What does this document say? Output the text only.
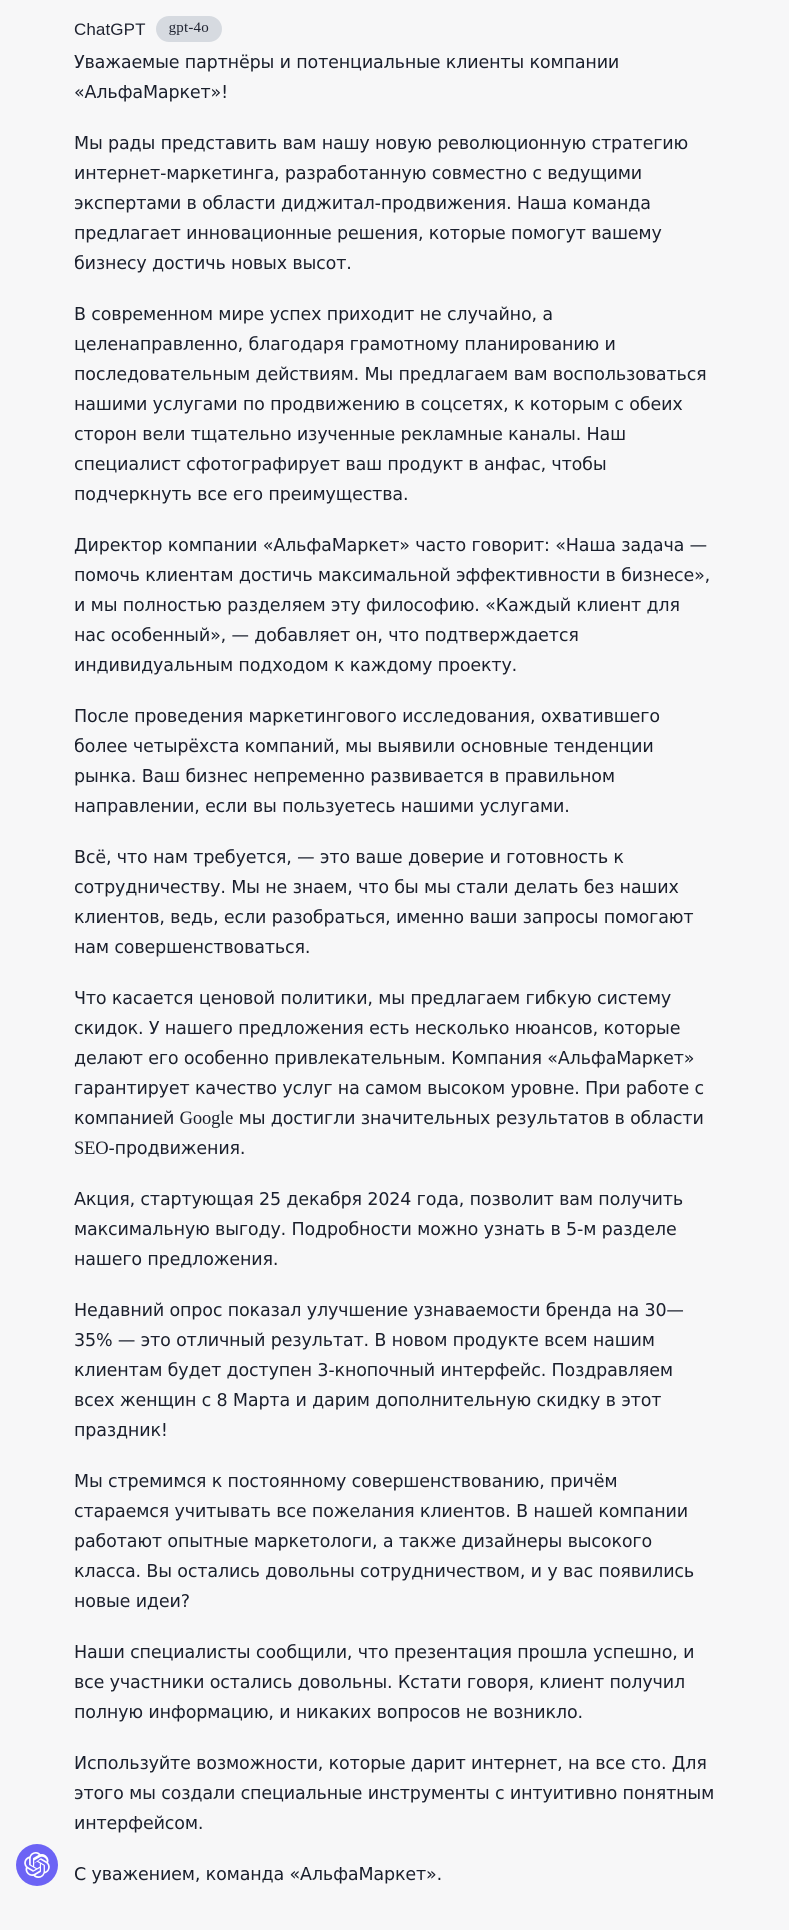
ChatGPT	gpt-4o

Уважаемые партнёры и потенциальные клиенты компании «АльфаМаркет»!

Мы рады представить вам нашу новую революционную стратегию интернет-маркетинга, разработанную совместно с ведущими экспертами в области диджитал-продвижения. Наша команда предлагает инновационные решения, которые помогут вашему бизнесу достичь новых высот.

В современном мире успех приходит не случайно, а целенаправленно, благодаря грамотному планированию и последовательным действиям. Мы предлагаем вам воспользоваться нашими услугами по продвижению в соцсетях, к которым с обеих сторон вели тщательно изученные рекламные каналы. Наш специалист сфотографирует ваш продукт в анфас, чтобы подчеркнуть все его преимущества.

Директор компании «АльфаМаркет» часто говорит: «Наша задача — помочь клиентам достичь максимальной эффективности в бизнесе», и мы полностью разделяем эту философию. «Каждый клиент для нас особенный», — добавляет он, что подтверждается индивидуальным подходом к каждому проекту.

После проведения маркетингового исследования, охватившего более четырёхста компаний, мы выявили основные тенденции рынка. Ваш бизнес непременно развивается в правильном направлении, если вы пользуетесь нашими услугами.

Всё, что нам требуется, — это ваше доверие и готовность к сотрудничеству. Мы не знаем, что бы мы стали делать без наших клиентов, ведь, если разобраться, именно ваши запросы помогают нам совершенствоваться.

Что касается ценовой политики, мы предлагаем гибкую систему скидок. У нашего предложения есть несколько нюансов, которые делают его особенно привлекательным. Компания «АльфаМаркет» гарантирует качество услуг на самом высоком уровне. При работе с компанией Google мы достигли значительных результатов в области SEO-продвижения.

Акция, стартующая 25 декабря 2024 года, позволит вам получить максимальную выгоду. Подробности можно узнать в 5-м разделе нашего предложения.

Недавний опрос показал улучшение узнаваемости бренда на 30—35% — это отличный результат. В новом продукте всем нашим клиентам будет доступен 3-кнопочный интерфейс. Поздравляем всех женщин с 8 Марта и дарим дополнительную скидку в этот праздник!

Мы стремимся к постоянному совершенствованию, причём стараемся учитывать все пожелания клиентов. В нашей компании работают опытные маркетологи, а также дизайнеры высокого класса. Вы остались довольны сотрудничеством, и у вас появились новые идеи?

Наши специалисты сообщили, что презентация прошла успешно, и все участники остались довольны. Кстати говоря, клиент получил полную информацию, и никаких вопросов не возникло.

Используйте возможности, которые дарит интернет, на все сто. Для этого мы создали специальные инструменты с интуитивно понятным интерфейсом.

С уважением, команда «АльфаМаркет».
